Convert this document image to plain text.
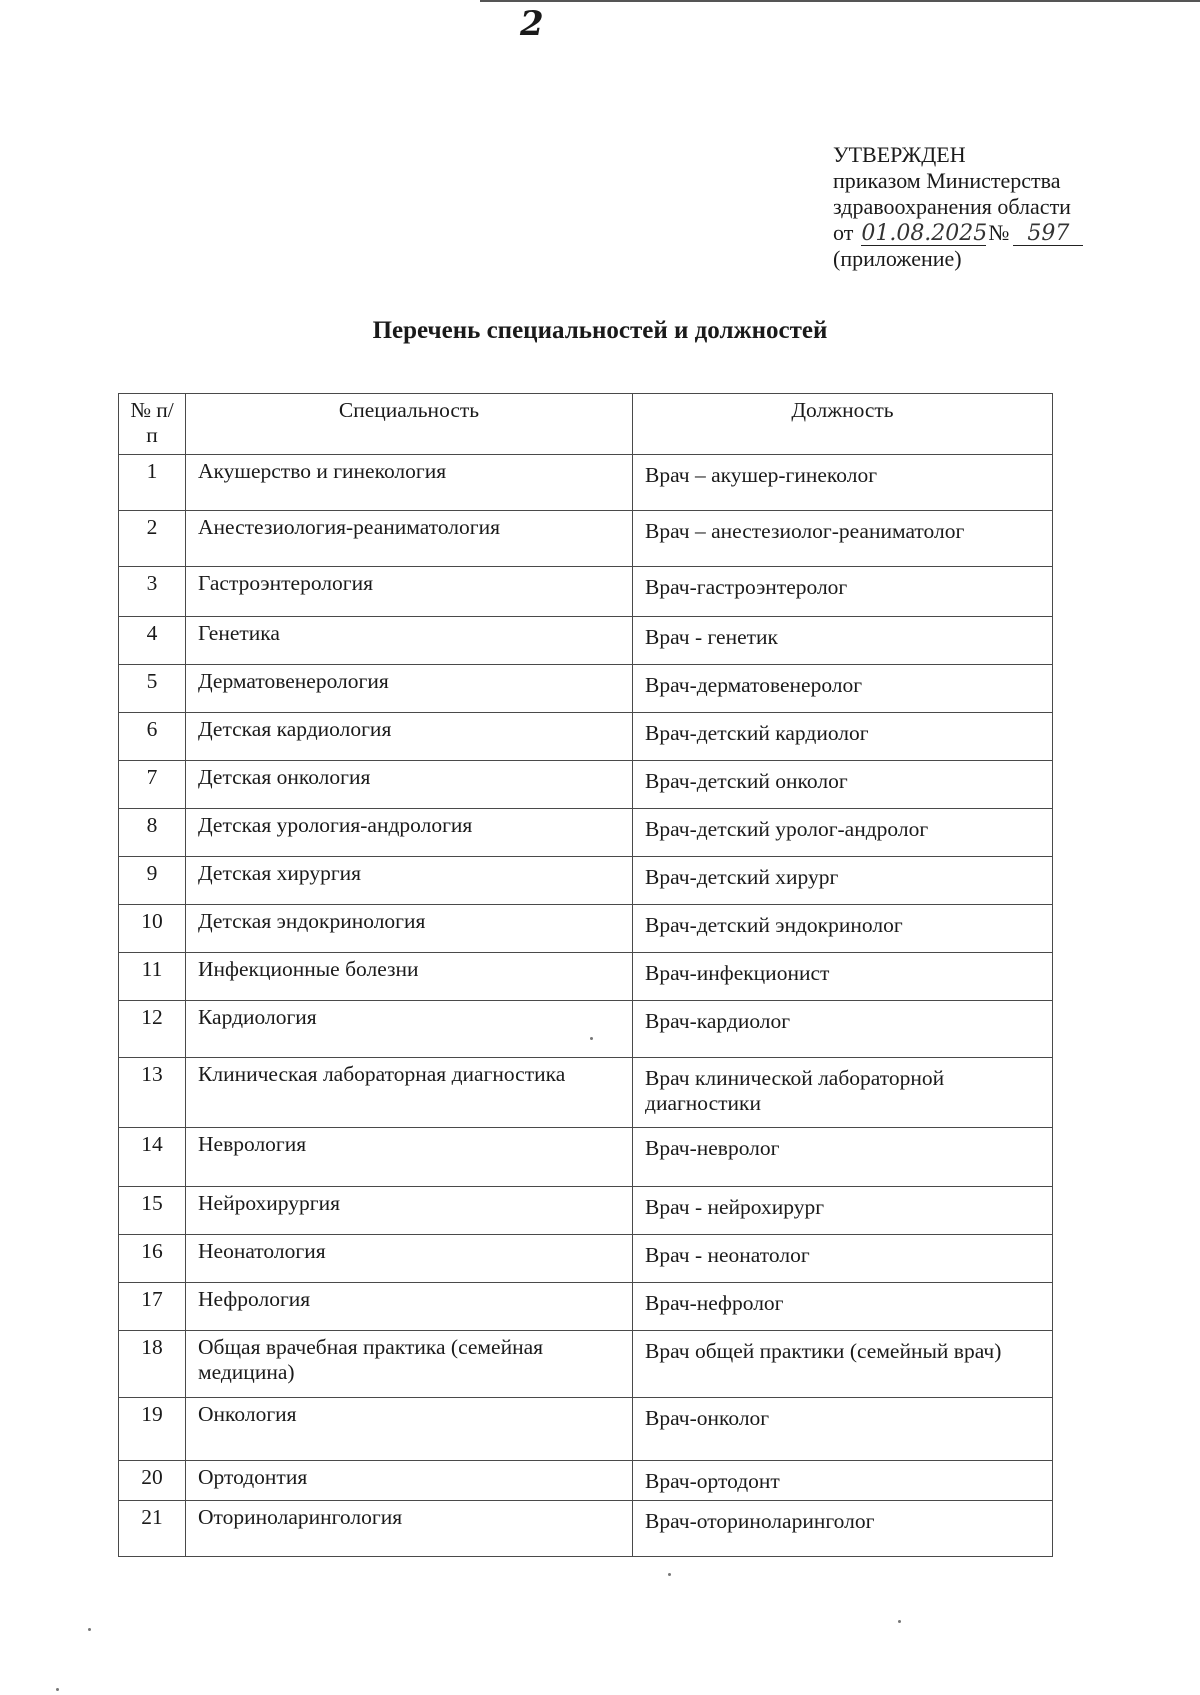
2
УТВЕРЖДЕН
приказом Министерства
здравоохранения области
от 01.08.2025№ 597
(приложение)
Перечень специальностей и должностей
№ п/п	Специальность	Должность
1	Акушерство и гинекология	Врач – акушер-гинеколог
2	Анестезиология-реаниматология	Врач – анестезиолог-реаниматолог
3	Гастроэнтерология	Врач-гастроэнтеролог
4	Генетика	Врач - генетик
5	Дерматовенерология	Врач-дерматовенеролог
6	Детская кардиология	Врач-детский кардиолог
7	Детская онкология	Врач-детский онколог
8	Детская урология-андрология	Врач-детский уролог-андролог
9	Детская хирургия	Врач-детский хирург
10	Детская эндокринология	Врач-детский эндокринолог
11	Инфекционные болезни	Врач-инфекционист
12	Кардиология	Врач-кардиолог
13	Клиническая лабораторная диагностика	Врач клинической лабораторной диагностики
14	Неврология	Врач-невролог
15	Нейрохирургия	Врач - нейрохирург
16	Неонатология	Врач - неонатолог
17	Нефрология	Врач-нефролог
18	Общая врачебная практика (семейная медицина)	Врач общей практики (семейный врач)
19	Онкология	Врач-онколог
20	Ортодонтия	Врач-ортодонт
21	Оториноларингология	Врач-оториноларинголог
